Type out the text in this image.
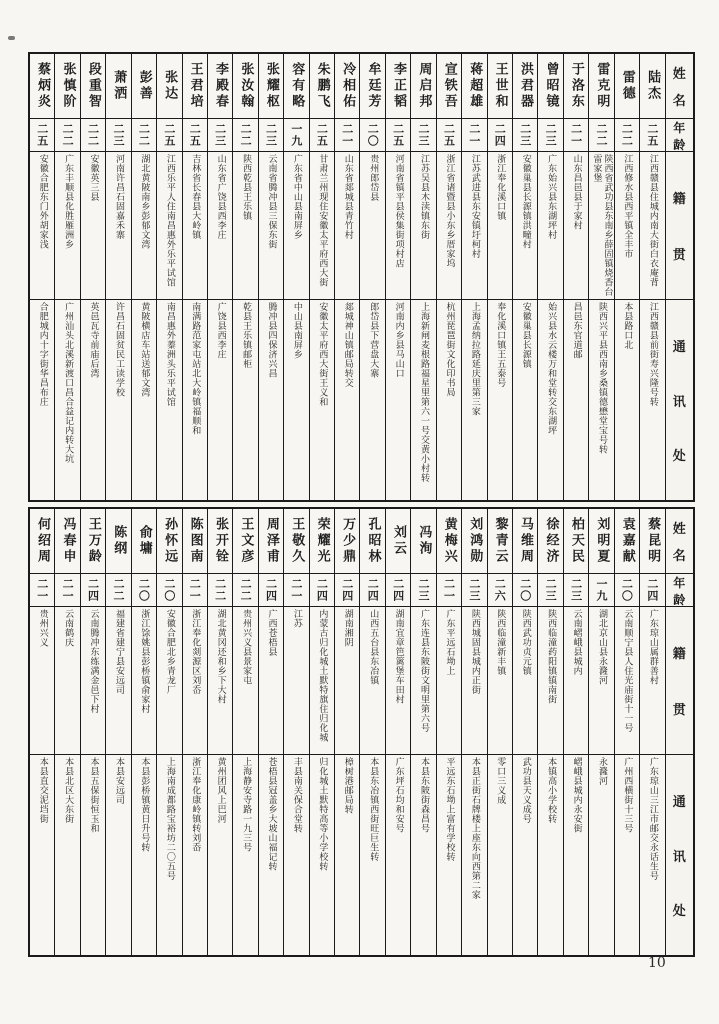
蔡炳炎
二五
安徽合肥东门外胡家浅
合肥城内十字街华昌布庄
张慎阶
二二
广东丰顺县化胜雁洲乡
广州汕头北溪新渡口昌合益记内转大坑
段重智
二二
安徽英三县
英邑瓦寺前庙后湾
萧洒
二三
河南许昌石固嘉禾寨
许昌石固贫民工读学校
彭善
二二
湖北黄陂南乡彭郁文湾
黄陂横店车站送郁文湾
张达
二五
江西乐平人住南昌惠外乐平试馆
南昌惠外蓁洲头乐平试馆
王君培
二五
吉林省长春县大岭镇
南满路范家屯站北大岭镇福顺和
李殿春
二三
山东省广饶县西李庄
广饶县西李庄
张汝翰
二二
陕西乾县王乐镇
乾县王乐镇邮柜
张耀枢
二三
云南省腾冲县三保东街
腾冲县四保济兴昌
容有略
一九
广东省中山县南屏乡
中山县南屏乡
朱鹏飞
二五
甘肃兰州现住安徽太平府西大街
安徽太平府西大街王义和
冷相佑
二一
山东省郯城县青竹村
郯城神山镇邮局转交
牟廷芳
二〇
贵州郎岱县
郎岱县下营盘大寨
李正韬
二五
河南省镇平县侯集街项村店
河南内乡县马山口
周启邦
二三
江苏吴县木渎镇东街
上海新闸麦根路福星里第六一号交黄小村转
宣铁吾
二五
浙江省诸暨县小东乡厝家坞
杭州琵琶街文化印书局
蒋超雄
二一
江苏武进县东安镇圩柯村
上海孟纳拉路延庆里第三家
王世和
二四
浙江奉化溪口镇
奉化溪口镇王五泰号
洪君器
二三
安徽巢县长源镇洪疃村
安徽巢县长源镇
曾昭镜
二三
广东始兴县东湖坪村
始兴县水云楼万和堂转交东湖坪
于洛东
二一
山东昌邑县于家村
昌邑东官道邮
雷克明
二二
陕西省武功县东南乡薛固镇烧香台雷家堡
陕西兴平县西南乡桑镇德懋堂宝号转
雷德
二二
江西修水县西平镇全丰市
本县路口北
陆杰
二五
江西赣县住城内南大街白衣庵背
江西赣县前街寿兴隆号转
姓
名
年
龄
籍
贯
通
讯
处
何绍周
二一
贵州兴义
本县直交泥垱街
冯春申
二一
云南鹤庆
本县北区大东街
王万龄
二四
云南腾冲东练满金邑下村
本县五保街恒玉和
陈纲
二二
福建省建宁县安远司
本县安远司
俞墉
二〇
浙江馀姚县彭桥镇俞家村
本县彭桥镇黄日升号转
孙怀远
二〇
安徽合肥北乡青龙厂
上海南成都路宝裕坊二〇五号
陈图南
二一
浙江奉化剡源区刘岙
浙江奉化康岭镇转刘岙
张开铨
二二
湖北黄冈还和乡下大村
黄州团风上巴河
王文彦
二二
贵州兴义县景家屯
上海静安寺路一九三号
周泽甫
二四
广西苍梧县
苍梧县冠盖乡大坡山福记转
王敬久
二一
江苏
丰县南关保合堂转
荣耀光
二四
内蒙古归化城土默特旗住归化城
归化城土默特高等小学校转
万少鼎
二四
湖南湘阴
樟树港邮局转
孔昭林
二四
山西五台县东冶镇
本县东冶镇西街旺巨生转
刘云
二四
湖南宜章笆篱堡车田村
广东坪石均和安号
冯洵
二三
广东连县东陂街文明里第六号
本县东陂街森昌号
黄梅兴
二一
广东平远石坳上
平远东石坳上富有学校转
刘鸿勋
二三
陕西城固县城内正街
本县正街石牌楼上座东向西第二家
黎青云
二六
陕西临潼新丰镇
零口三义成
马维周
二〇
陕西武功贞元镇
武功县天义成号
徐经济
二三
陕西临潼药阳镇镇南街
本镇高小学校转
柏天民
二三
云南嶍峨县城内
嶍峨县城内永安街
刘明夏
一九
湖北京山县永漋河
永漋河
袁嘉献
二〇
云南顺宁县人住光庙街十一号
广州西横街十三号
蔡昆明
二四
广东琼山属群善村
广东琼山三江市邮交永话生号
姓
名
年
龄
籍
贯
通
讯
处
10
